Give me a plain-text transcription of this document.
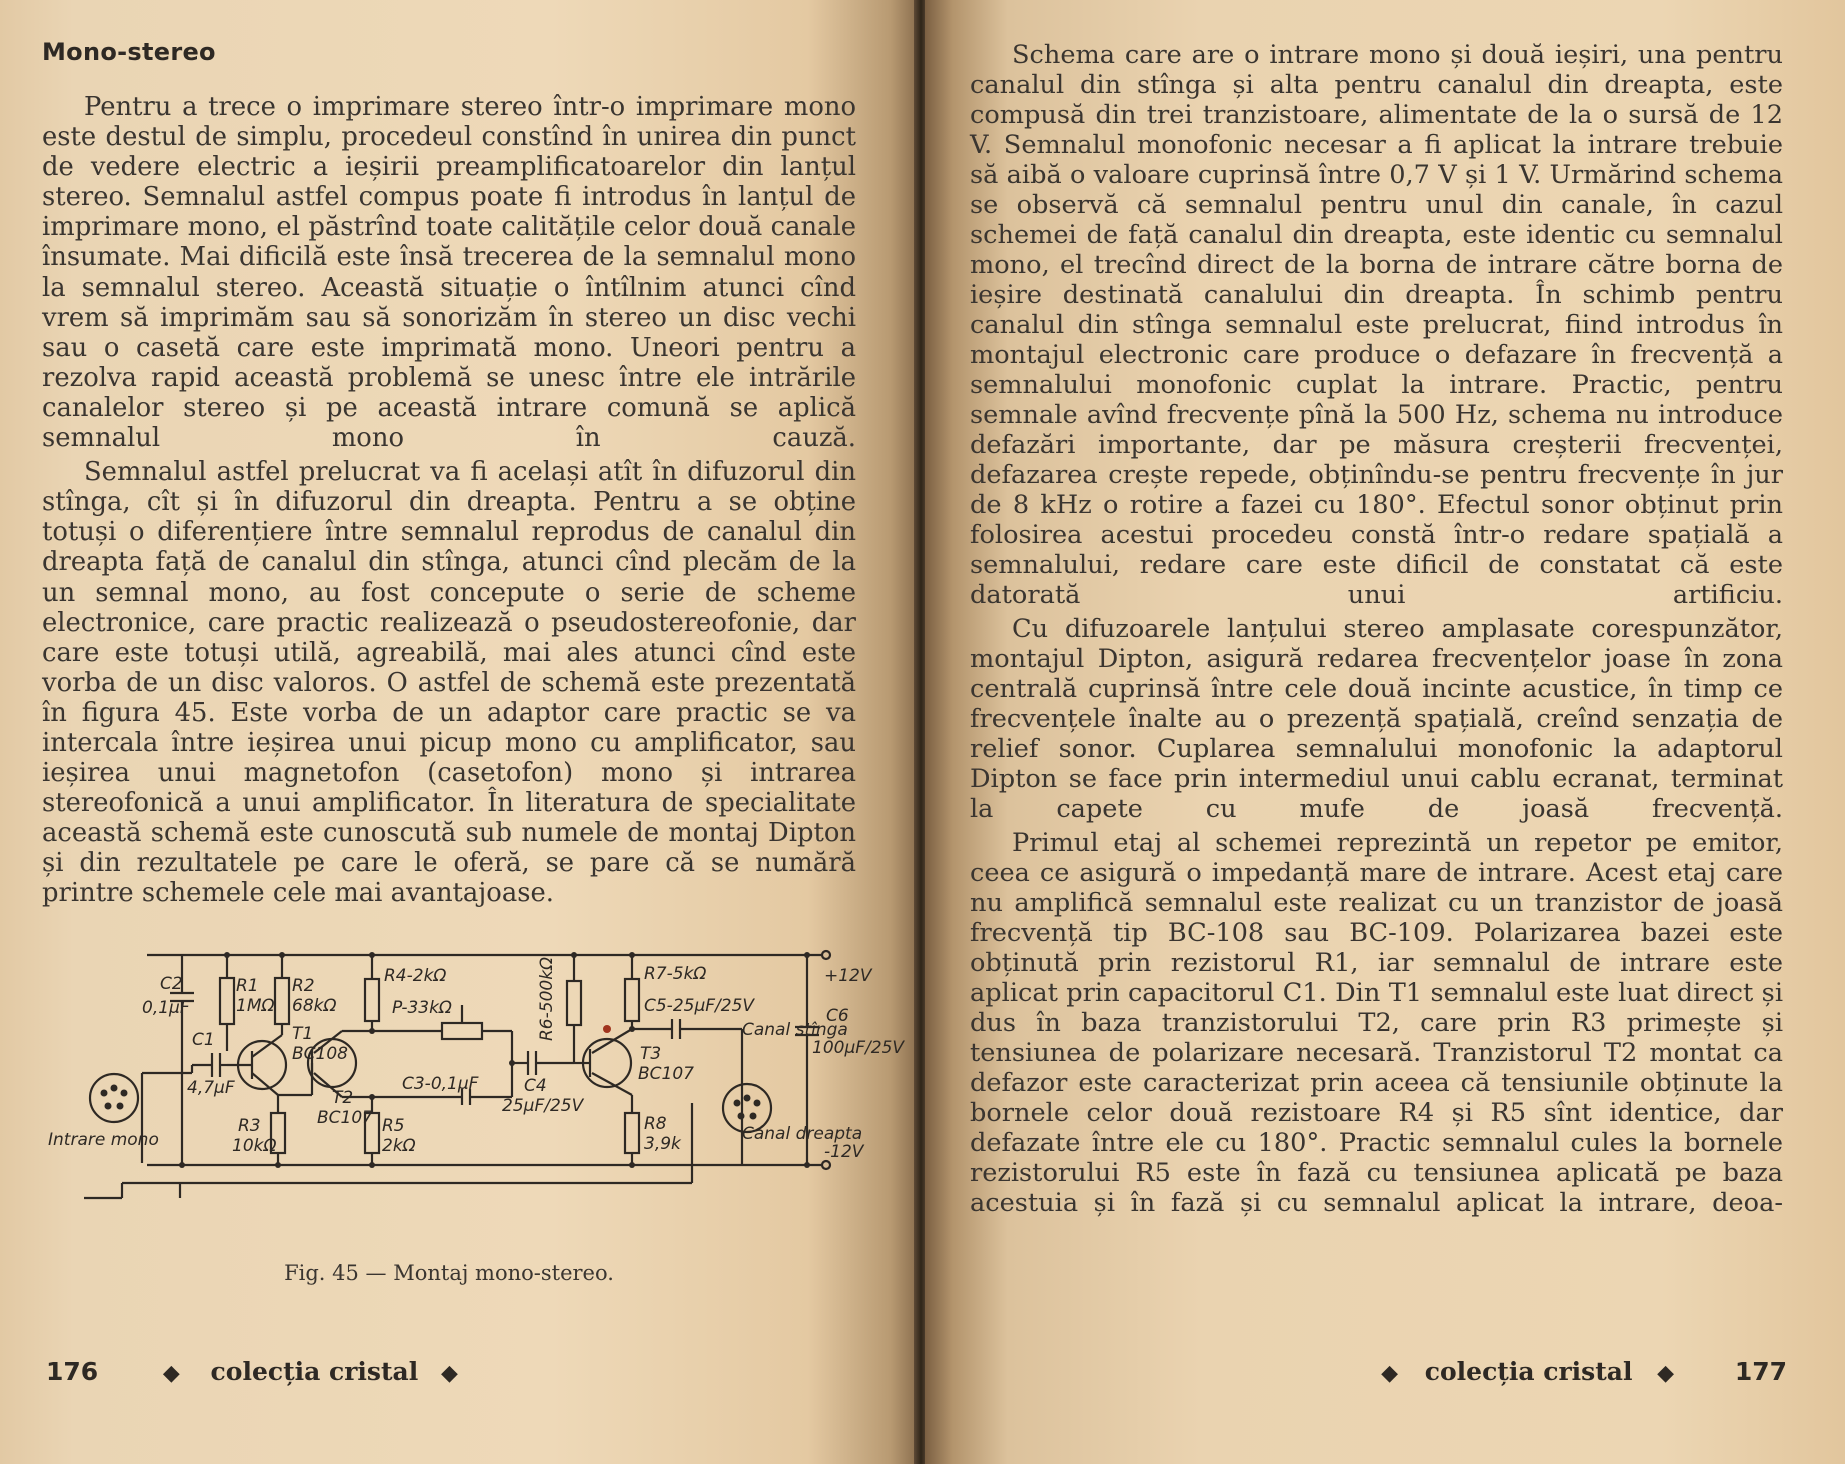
Mono-stereo

Pentru a trece o imprimare stereo într-o imprimare mono este destul de simplu, procedeul constînd în unirea din punct de vedere electric a ieșirii preamplificatoarelor din lanțul stereo. Semnalul astfel compus poate fi introdus în lanțul de imprimare mono, el păstrînd toate calitățile celor două canale însumate. Mai dificilă este însă trecerea de la semnalul mono la semnalul stereo. Această situație o întîlnim atunci cînd vrem să imprimăm sau să sonorizăm în stereo un disc vechi sau o casetă care este imprimată mono. Uneori pentru a rezolva rapid această problemă se unesc între ele intrările canalelor stereo și pe această intrare comună se aplică semnalul mono în cauză.

Semnalul astfel prelucrat va fi același atît în difuzorul din stînga, cît și în difuzorul din dreapta. Pentru a se obține totuși o diferențiere între semnalul reprodus de canalul din dreapta față de canalul din stînga, atunci cînd plecăm de la un semnal mono, au fost concepute o serie de scheme electronice, care practic realizează o pseudostereofonie, dar care este totuși utilă, agreabilă, mai ales atunci cînd este vorba de un disc valoros. O astfel de schemă este prezentată în figura 45. Este vorba de un adaptor care practic se va intercala între ieșirea unui picup mono cu amplificator, sau ieșirea unui magnetofon (casetofon) mono și intrarea stereofonică a unui amplificator. În literatura de specialitate această schemă este cunoscută sub numele de montaj Dipton și din rezultatele pe care le oferă, se pare că se numără printre schemele cele mai avantajoase.

+12V
-12V
C2
0,1µF
R1
1MΩ
R2
68kΩ
T1
BC108
C1
4,7µF
R3
10kΩ
T2
BC107
R4-2kΩ
P-33kΩ
R5
2kΩ
C3-0,1µF	C4
25µF/25V
R6-500kΩ	R7-5kΩ
C5-25µF/25V
T3
BC107
R8
3,9k
C6
100µF/25V
Canal stînga
Canal dreapta
Intrare mono
Fig. 45 — Montaj mono-stereo.
176	◆ colecția cristal ◆

Schema care are o intrare mono și două ieșiri, una pentru canalul din stînga și alta pentru canalul din dreapta, este compusă din trei tranzistoare, alimentate de la o sursă de 12 V. Semnalul monofonic necesar a fi aplicat la intrare trebuie să aibă o valoare cuprinsă între 0,7 V și 1 V. Urmărind schema se observă că semnalul pentru unul din canale, în cazul schemei de față canalul din dreapta, este identic cu semnalul mono, el trecînd direct de la borna de intrare către borna de ieșire destinată canalului din dreapta. În schimb pentru canalul din stînga semnalul este prelucrat, fiind introdus în montajul electronic care produce o defazare în frecvență a semnalului monofonic cuplat la intrare. Practic, pentru semnale avînd frecvențe pînă la 500 Hz, schema nu introduce defazări importante, dar pe măsura creșterii frecvenței, defazarea crește repede, obținîndu-se pentru frecvențe în jur de 8 kHz o rotire a fazei cu 180°. Efectul sonor obținut prin folosirea acestui procedeu constă într-o redare spațială a semnalului, redare care este dificil de constatat că este datorată unui artificiu.

Cu difuzoarele lanțului stereo amplasate corespunzător, montajul Dipton, asigură redarea frecvențelor joase în zona centrală cuprinsă între cele două incinte acustice, în timp ce frecvențele înalte au o prezență spațială, creînd senzația de relief sonor. Cuplarea semnalului monofonic la adaptorul Dipton se face prin intermediul unui cablu ecranat, terminat la capete cu mufe de joasă frecvență.

Primul etaj al schemei reprezintă un repetor pe emitor, ceea ce asigură o impedanță mare de intrare. Acest etaj care nu amplifică semnalul este realizat cu un tranzistor de joasă frecvență tip BC-108 sau BC-109. Polarizarea bazei este obținută prin rezistorul R1, iar semnalul de intrare este aplicat prin capacitorul C1. Din T1 semnalul este luat direct și dus în baza tranzistorului T2, care prin R3 primește și tensiunea de polarizare necesară. Tranzistorul T2 montat ca defazor este caracterizat prin aceea că tensiunile obținute la bornele celor două rezistoare R4 și R5 sînt identice, dar defazate între ele cu 180°. Practic semnalul cules la bornele rezistorului R5 este în fază cu tensiunea aplicată pe baza acestuia și în fază și cu semnalul aplicat la intrare, deoa-

◆ colecția cristal ◆ 177
